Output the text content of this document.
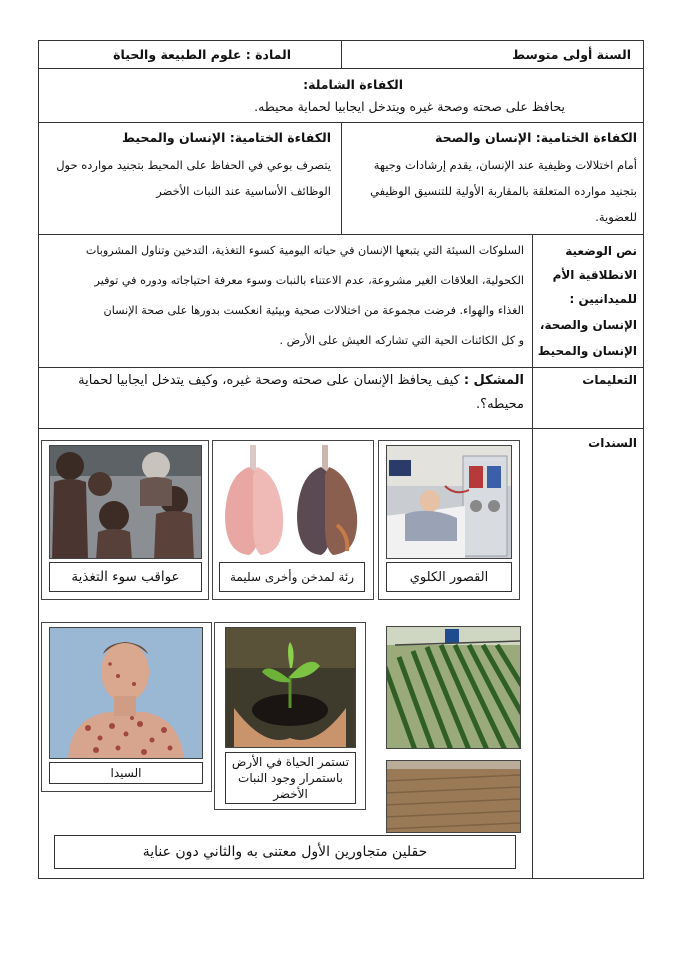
السنة أولى متوسط
المادة : علوم الطبيعة والحياة
الكفاءة الشاملة:
يحافظ على صحته وصحة غيره ويتدخل ايجابيا لحماية محيطه.
الكفاءة الختامية: الإنسان والصحة
أمام اختلالات وظيفية عند الإنسان، يقدم إرشادات وجيهة
بتجنيد موارده المتعلقة بالمقاربة الأولية للتنسيق الوظيفي
للعضوية.
الكفاءة الختامية: الإنسان والمحيط
يتصرف بوعي في الحفاظ على المحيط بتجنيد موارده حول
الوظائف الأساسية عند النبات الأخضر
نص الوضعية
الانطلاقية الأم
للميدانيين :
الإنسان والصحة،
الإنسان والمحيط
السلوكات السيئة التي يتبعها الإنسان في حياته اليومية كسوء التغذية، التدخين وتناول المشروبات
الكحولية، العلاقات الغير مشروعة، عدم الاعتناء بالنبات وسوء معرفة احتياجاته ودوره في توفير
الغذاء والهواء. فرضت مجموعة من اختلالات صحية وبيئية انعكست بدورها على صحة الإنسان
و كل الكائنات الحية التي تشاركه العيش على الأرض .
التعليمات
المشكل : كيف يحافظ الإنسان على صحته وصحة غيره، وكيف يتدخل ايجابيا لحماية
محيطه؟.
السندات
القصور الكلوي
رئة لمدخن وأخرى سليمة
عواقب سوء التغذية
تستمر الحياة في الأرض
باستمرار وجود النبات
الأخضر
السيدا
حقلين متجاورين الأول معتنى به والثاني دون عناية
